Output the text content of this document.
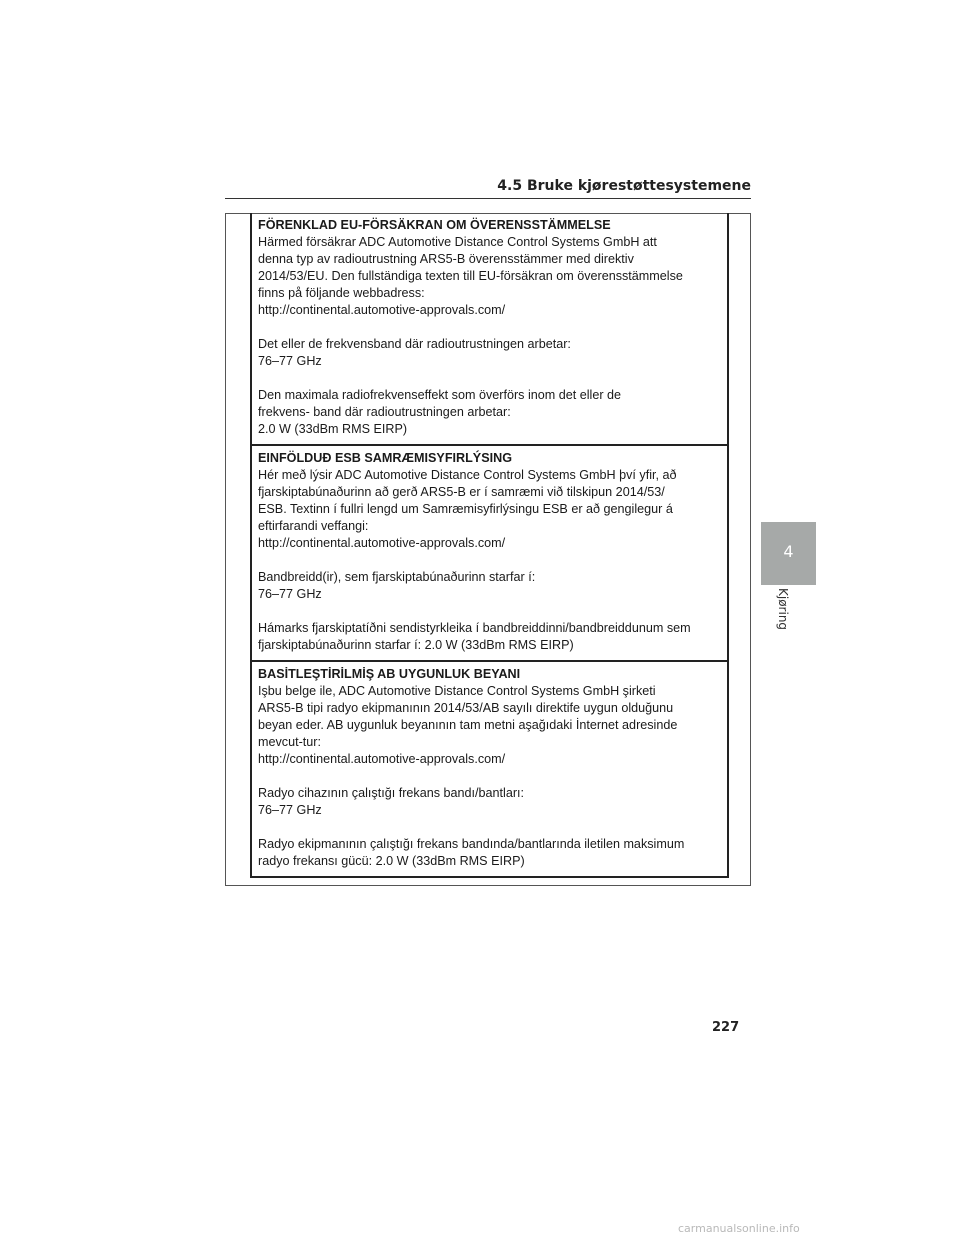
4.5 Bruke kjørestøttesystemene
FÖRENKLAD EU-FÖRSÄKRAN OM ÖVERENSSTÄMMELSE
Härmed försäkrar ADC Automotive Distance Control Systems GmbH att
denna typ av radioutrustning ARS5-B överensstämmer med direktiv
2014/53/EU. Den fullständiga texten till EU-försäkran om överensstämmelse
finns på följande webbadress:
http://continental.automotive-approvals.com/
Det eller de frekvensband där radioutrustningen arbetar:
76–77 GHz
Den maximala radiofrekvenseffekt som överförs inom det eller de
frekvens- band där radioutrustningen arbetar:
2.0 W (33dBm RMS EIRP)
EINFÖLDUÐ ESB SAMRÆMISYFIRLÝSING
Hér með lýsir ADC Automotive Distance Control Systems GmbH því yfir, að
fjarskiptabúnaðurinn að gerð ARS5-B er í samræmi við tilskipun 2014/53/
ESB. Textinn í fullri lengd um Samræmisyfirlýsingu ESB er að gengilegur á
eftirfarandi veffangi:
http://continental.automotive-approvals.com/
Bandbreidd(ir), sem fjarskiptabúnaðurinn starfar í:
76–77 GHz
Hámarks fjarskiptatíðni sendistyrkleika í bandbreiddinni/bandbreiddunum sem
fjarskiptabúnaðurinn starfar í: 2.0 W (33dBm RMS EIRP)
BASİTLEŞTİRİLMİŞ AB UYGUNLUK BEYANI
Işbu belge ile, ADC Automotive Distance Control Systems GmbH şirketi
ARS5-B tipi radyo ekipmanının 2014/53/AB sayılı direktife uygun olduğunu
beyan eder. AB uygunluk beyanının tam metni aşağıdaki İnternet adresinde
mevcut-tur:
http://continental.automotive-approvals.com/
Radyo cihazının çalıştığı frekans bandı/bantları:
76–77 GHz
Radyo ekipmanının çalıştığı frekans bandında/bantlarında iletilen maksimum
radyo frekansı gücü: 2.0 W (33dBm RMS EIRP)
4
Kjøring
227
carmanualsonline.info
